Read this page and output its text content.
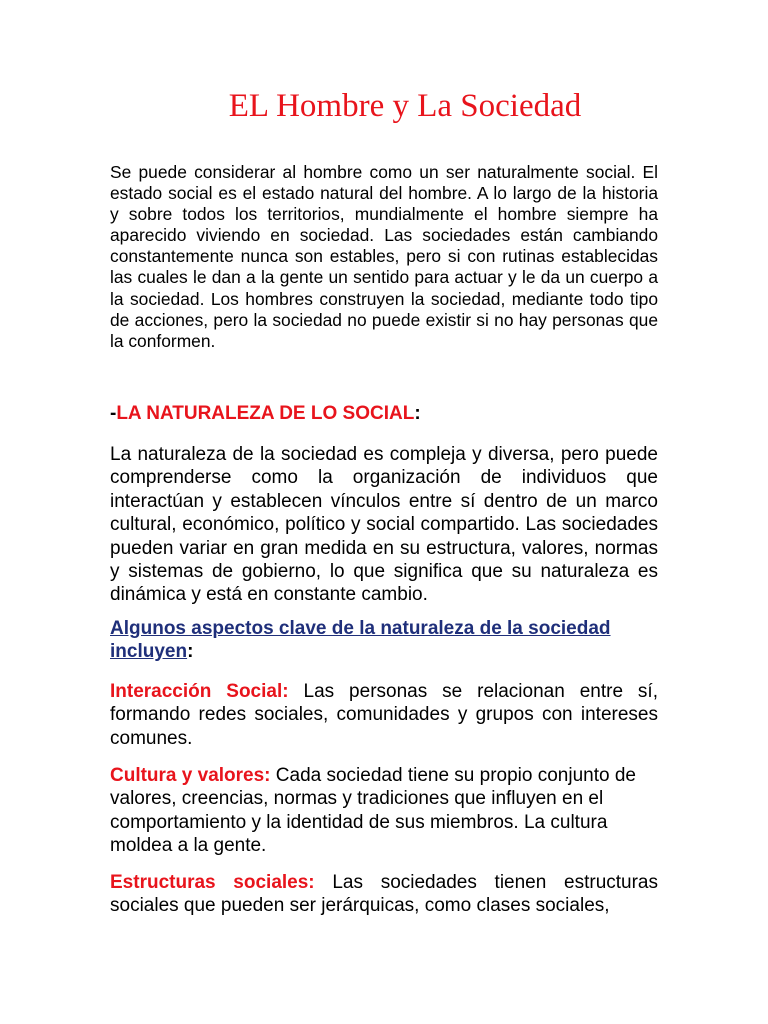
EL Hombre y La Sociedad
Se puede considerar al hombre como un ser naturalmente social. El estado social es el estado natural del hombre. A lo largo de la historia y sobre todos los territorios, mundialmente el hombre siempre ha aparecido viviendo en sociedad. Las sociedades están cambiando constantemente nunca son estables, pero si con rutinas establecidas las cuales le dan a la gente un sentido para actuar y le da un cuerpo a la sociedad. Los hombres construyen la sociedad, mediante todo tipo de acciones, pero la sociedad no puede existir si no hay personas que la conformen.
-LA NATURALEZA DE LO SOCIAL:
La naturaleza de la sociedad es compleja y diversa, pero puede comprenderse como la organización de individuos que interactúan y establecen vínculos entre sí dentro de un marco cultural, económico, político y social compartido. Las sociedades pueden variar en gran medida en su estructura, valores, normas y sistemas de gobierno, lo que significa que su naturaleza es dinámica y está en constante cambio.
Algunos aspectos clave de la naturaleza de la sociedad incluyen:
Interacción Social: Las personas se relacionan entre sí, formando redes sociales, comunidades y grupos con intereses comunes.
Cultura y valores: Cada sociedad tiene su propio conjunto de valores, creencias, normas y tradiciones que influyen en el comportamiento y la identidad de sus miembros. La cultura moldea a la gente.
Estructuras sociales: Las sociedades tienen estructuras sociales que pueden ser jerárquicas, como clases sociales,
